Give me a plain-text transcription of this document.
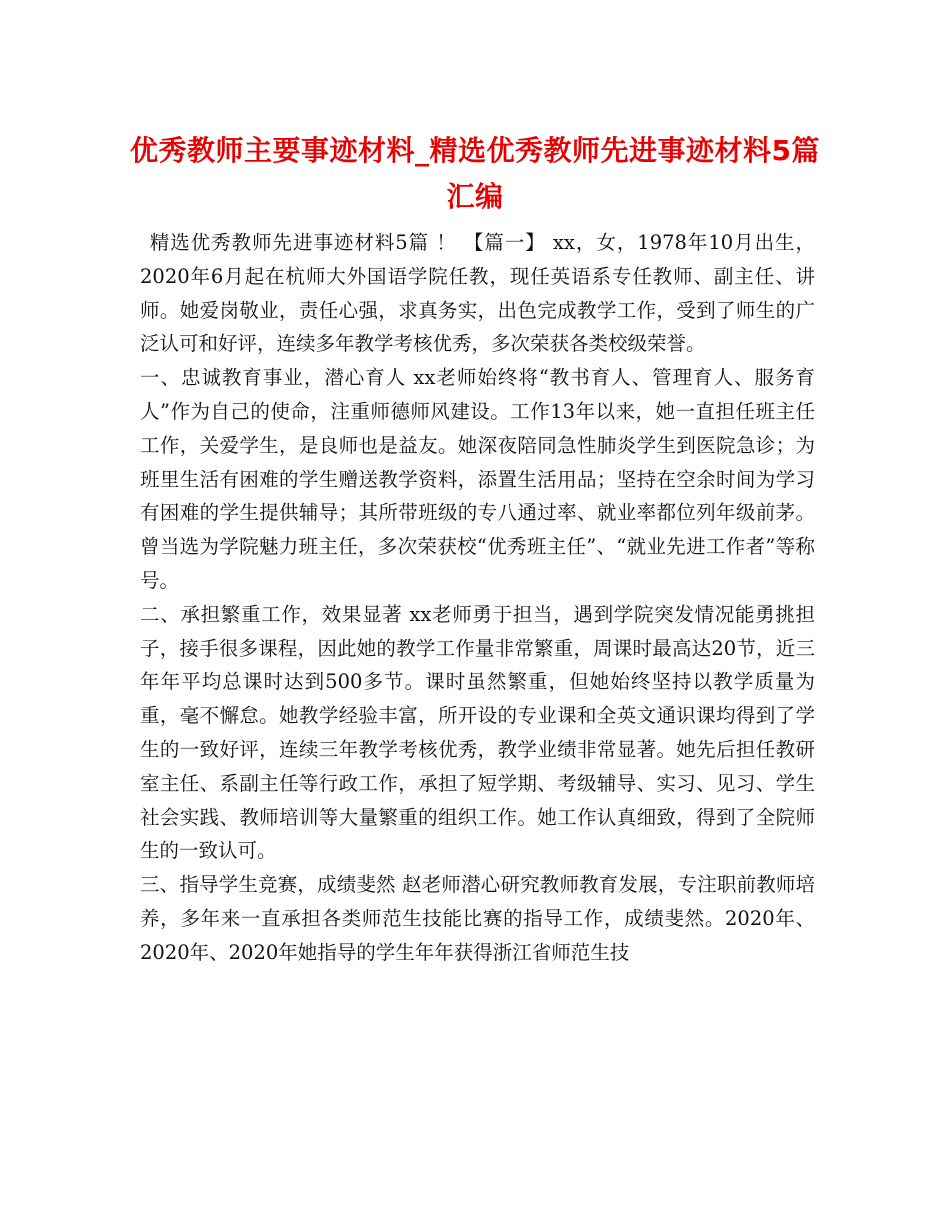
优秀教师主要事迹材料_精选优秀教师先进事迹材料5篇汇编

精选优秀教师先进事迹材料5篇 ！ 【篇一】 xx，女，1978年10月出生，2020年6月起在杭师大外国语学院任教，现任英语系专任教师、副主任、讲师。她爱岗敬业，责任心强，求真务实，出色完成教学工作，受到了师生的广泛认可和好评，连续多年教学考核优秀，多次荣获各类校级荣誉。

一、忠诚教育事业，潜心育人 xx老师始终将“教书育人、管理育人、服务育人”作为自己的使命，注重师德师风建设。工作13年以来，她一直担任班主任工作，关爱学生，是良师也是益友。她深夜陪同急性肺炎学生到医院急诊；为班里生活有困难的学生赠送教学资料，添置生活用品；坚持在空余时间为学习有困难的学生提供辅导；其所带班级的专八通过率、就业率都位列年级前茅。曾当选为学院魅力班主任，多次荣获校“优秀班主任”、“就业先进工作者”等称号。

二、承担繁重工作，效果显著 xx老师勇于担当，遇到学院突发情况能勇挑担子，接手很多课程，因此她的教学工作量非常繁重，周课时最高达20节，近三年年平均总课时达到500多节。课时虽然繁重，但她始终坚持以教学质量为重，毫不懈怠。她教学经验丰富，所开设的专业课和全英文通识课均得到了学生的一致好评，连续三年教学考核优秀，教学业绩非常显著。她先后担任教研室主任、系副主任等行政工作，承担了短学期、考级辅导、实习、见习、学生社会实践、教师培训等大量繁重的组织工作。她工作认真细致，得到了全院师生的一致认可。

三、指导学生竞赛，成绩斐然 赵老师潜心研究教师教育发展，专注职前教师培养，多年来一直承担各类师范生技能比赛的指导工作，成绩斐然。2020年、2020年、2020年她指导的学生年年获得浙江省师范生技
